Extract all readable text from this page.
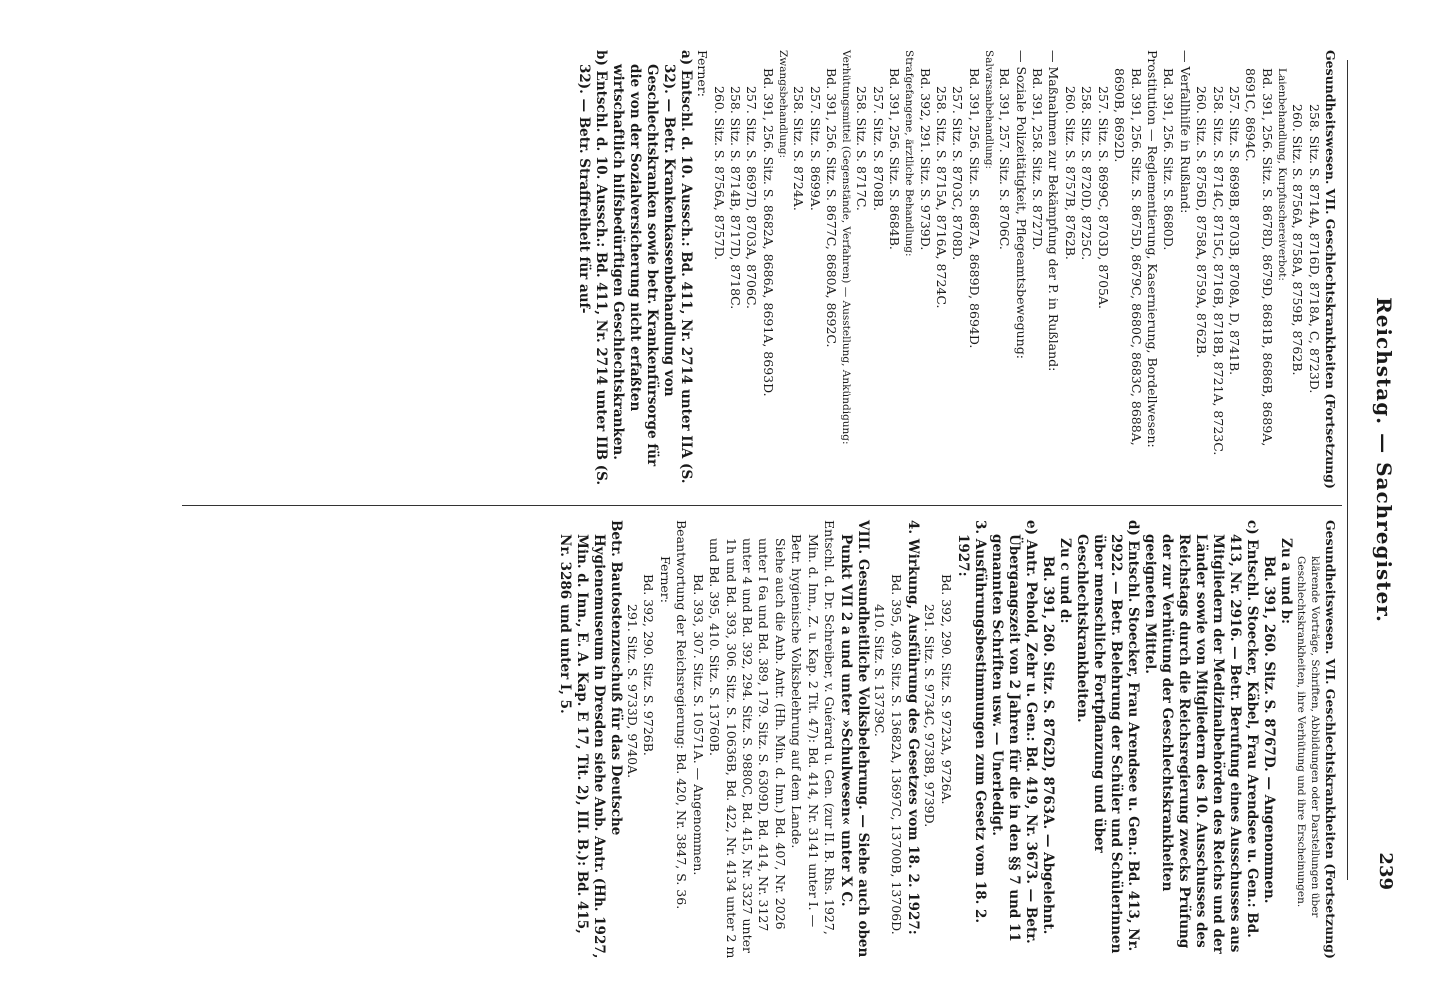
Reichstag. — Sachregister.
239

Gesundheitswesen. VII. Geschlechtskrankheiten (Fortsetzung)

258. Sitz. S. 8714A, 8716D, 8718A, C, 8723D.

260. Sitz. S. 8756A, 8758A, 8759B, 8762B.

Laienbehandlung, Kurpfuschereiverbot:

Bd. 391, 256. Sitz. S. 8678D, 8679D, 8681B, 8686B, 8689A, 8691C, 8694C.

257. Sitz. S. 8698B, 8703B, 8708A, D, 8741B.

258. Sitz. S. 8714C, 8715C, 8716B, 8718B, 8721A, 8723C.

260. Sitz. S. 8756D, 8758A, 8759A, 8762B.

— Verfallhilfe in Rußland:

Bd. 391, 256. Sitz. S. 8680D.

Prostitution — Reglementierung, Kasernierung, Bordellwesen:

Bd. 391, 256. Sitz. S. 8675D, 8679C, 8680C, 8683C, 8688A, 8690B, 8692D.

257. Sitz. S. 8699C, 8703D, 8705A.

258. Sitz. S. 8720D, 8725C.

260. Sitz. S. 8757B, 8762B.

— Maßnahmen zur Bekämpfung der P. in Rußland:

Bd. 391, 258. Sitz. S. 8727D.

— Soziale Polizeitätigkeit, Pflegeamtsbewegung:

Bd. 391, 257. Sitz. S. 8706C.

Salvarsanbehandlung:

Bd. 391, 256. Sitz. S. 8687A, 8689D, 8694D.

257. Sitz. S. 8703C, 8708D.

258. Sitz. S. 8715A, 8716A, 8724C.

Bd. 392, 291. Sitz. S. 9739D.

Strafgefangene, ärztliche Behandlung:

Bd. 391, 256. Sitz. S. 8684B.

257. Sitz. S. 8708B.

258. Sitz. S. 8717C.

Verhütungsmittel (Gegenstände, Verfahren) — Ausstellung, Ankündigung:

Bd. 391, 256. Sitz. S. 8677C, 8680A, 8692C.

257. Sitz. S. 8699A.

258. Sitz. S. 8724A.

Zwangsbehandlung:

Bd. 391, 256. Sitz. S. 8682A, 8686A, 8691A, 8693D.

257. Sitz. S. 8697D, 8703A, 8706C.

258. Sitz. S. 8714B, 8717D, 8718C.

260. Sitz. S. 8756A, 8757D.

Ferner:

a) Entschl. d. 10. Aussch.: Bd. 411, Nr. 2714 unter IIA (S. 32). — Betr. Krankenkassenbehandlung von Geschlechtskranken sowie betr. Krankenfürsorge für die von der Sozialversicherung nicht erfaßten wirtschaftlich hilfsbedürftigen Geschlechtskranken.

b) Entschl. d. 10. Aussch.: Bd. 411, Nr. 2714 unter IIB (S. 32). — Betr. Straffreiheit für auf-

Gesundheitswesen. VII. Geschlechtskrankheiten (Fortsetzung)

klärende Vorträge, Schriften, Abbildungen oder Darstellungen über Geschlechtskrankheiten, ihre Verhütung und ihre Erscheinungen.

Zu a und b:

Bd. 391, 260. Sitz. S. 8767D. — Angenommen.

c) Entschl. Stoecker, Käbel, Frau Arendsee u. Gen.: Bd. 413, Nr. 2916. — Betr. Berufung eines Ausschusses aus Mitgliedern der Medizinalbehörden des Reichs und der Länder sowie von Mitgliedern des 10. Ausschusses des Reichstags durch die Reichsregierung zwecks Prüfung der zur Verhütung der Geschlechtskrankheiten geeigneten Mittel.

d) Entschl. Stoecker, Frau Arendsee u. Gen.: Bd. 413, Nr. 2922. — Betr. Belehrung der Schüler und Schülerinnen über menschliche Fortpflanzung und über Geschlechtskrankheiten.

Zu c und d:

Bd. 391, 260. Sitz. S. 8762D, 8763A. — Abgelehnt.

e) Antr. Pehold, Zehr u. Gen.: Bd. 419, Nr. 3673. — Betr. Übergangszeit von 2 Jahren für die in den §§ 7 und 11 genannten Schriften usw. — Unerledigt.

3. Ausführungsbestimmungen zum Gesetz vom 18. 2. 1927:

Bd. 392, 290. Sitz. S. 9723A, 9726A.

291. Sitz. S. 9734C, 9738B, 9739D.

4. Wirkung, Ausführung des Gesetzes vom 18. 2. 1927:

Bd. 395, 409. Sitz. S. 13682A, 13697C, 13700B, 13706D.

410. Sitz. S. 13739C.

VIII. Gesundheitliche Volksbelehrung. — Siehe auch oben Punkt VII 2 a und unter »Schulwesen« unter X C.

Entschl. d. Dr. Schreiber, v. Guérard u. Gen. (zur II. B. Rhs. 1927, Min. d. Inn., Z. u. Kap. 2 Tit. 47): Bd. 414, Nr. 3141 unter I. — Betr. hygienische Volksbelehrung auf dem Lande.

Siehe auch die Anb. Antr. (Hh. Min. d. Inn.) Bd. 407, Nr. 2026 unter I 6a und Bd. 389, 179. Sitz. S. 6309D, Bd. 414, Nr. 3127 unter 4 und Bd. 392, 294. Sitz. S. 9880C, Bd. 415, Nr. 3327 unter 1h und Bd. 393, 306. Sitz. S. 10636B, Bd. 422, Nr. 4134 unter 2 m und Bd. 395, 410. Sitz. S. 13760B.

Bd. 393, 307. Sitz. S. 10571A. — Angenommen.

Beantwortung der Reichsregierung: Bd. 420, Nr. 3847, S. 36.

Ferner:

Bd. 392, 290. Sitz. S. 9726B.

291. Sitz. S. 9733D, 9740A.

Betr. Bautostenzuschuß für das Deutsche Hygienemuseum in Dresden siehe Anb. Antr. (Hh. 1927, Min. d. Inn., E. A. Kap. E 17, Tit. 2), III. B.): Bd. 415, Nr. 3286 und unter I, 5.
